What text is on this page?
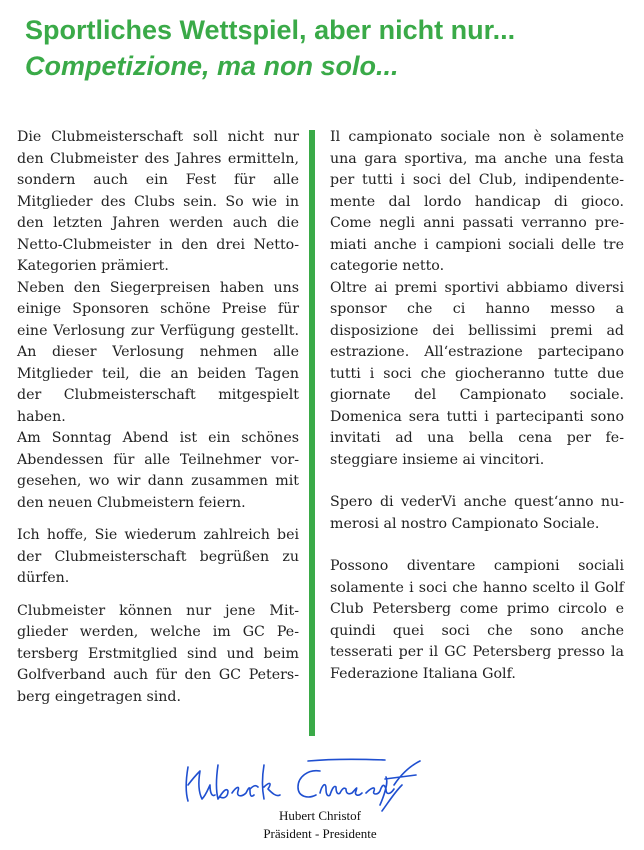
Sportliches Wettspiel, aber nicht nur...
Competizione, ma non solo...

Die Clubmeisterschaft soll nicht nur den Clubmeister des Jahres ermitteln, sondern auch ein Fest für alle Mitglieder des Clubs sein. So wie in den letzten Jahren werden auch die Netto-Clubmeister in den drei Netto-Kategorien prämiert.

Neben den Siegerpreisen haben uns einige Sponsoren schöne Preise für eine Verlosung zur Verfügung gestellt. An dieser Verlosung nehmen alle Mitglieder teil, die an beiden Tagen der Clubmeisterschaft mitgespielt haben.

Am Sonntag Abend ist ein schönes Abendessen für alle Teilnehmer vorgesehen, wo wir dann zusammen mit den neuen Clubmeistern feiern.

Ich hoffe, Sie wiederum zahlreich bei der Clubmeisterschaft begrüßen zu dürfen.

Clubmeister können nur jene Mitglieder werden, welche im GC Petersberg Erstmitglied sind und beim Golfverband auch für den GC Petersberg eingetragen sind.

Il campionato sociale non è solamente una gara sportiva, ma anche una festa per tutti i soci del Club, indipendentemente dal lordo handicap di gioco. Come negli anni passati verranno premiati anche i campioni sociali delle tre categorie netto.

Oltre ai premi sportivi abbiamo diversi sponsor che ci hanno messo a disposizione dei bellissimi premi ad estrazione. All‘estrazione partecipano tutti i soci che giocheranno tutte due giornate del Campionato sociale. Domenica sera tutti i partecipanti sono invitati ad una bella cena per festeggiare insieme ai vincitori.

Spero di vederVi anche quest‘anno numerosi al nostro Campionato Sociale.

Possono diventare campioni sociali solamente i soci che hanno scelto il Golf Club Petersberg come primo circolo e quindi quei soci che sono anche tesserati per il GC Petersberg presso la Federazione Italiana Golf.

Hubert Christof
Präsident - Presidente
